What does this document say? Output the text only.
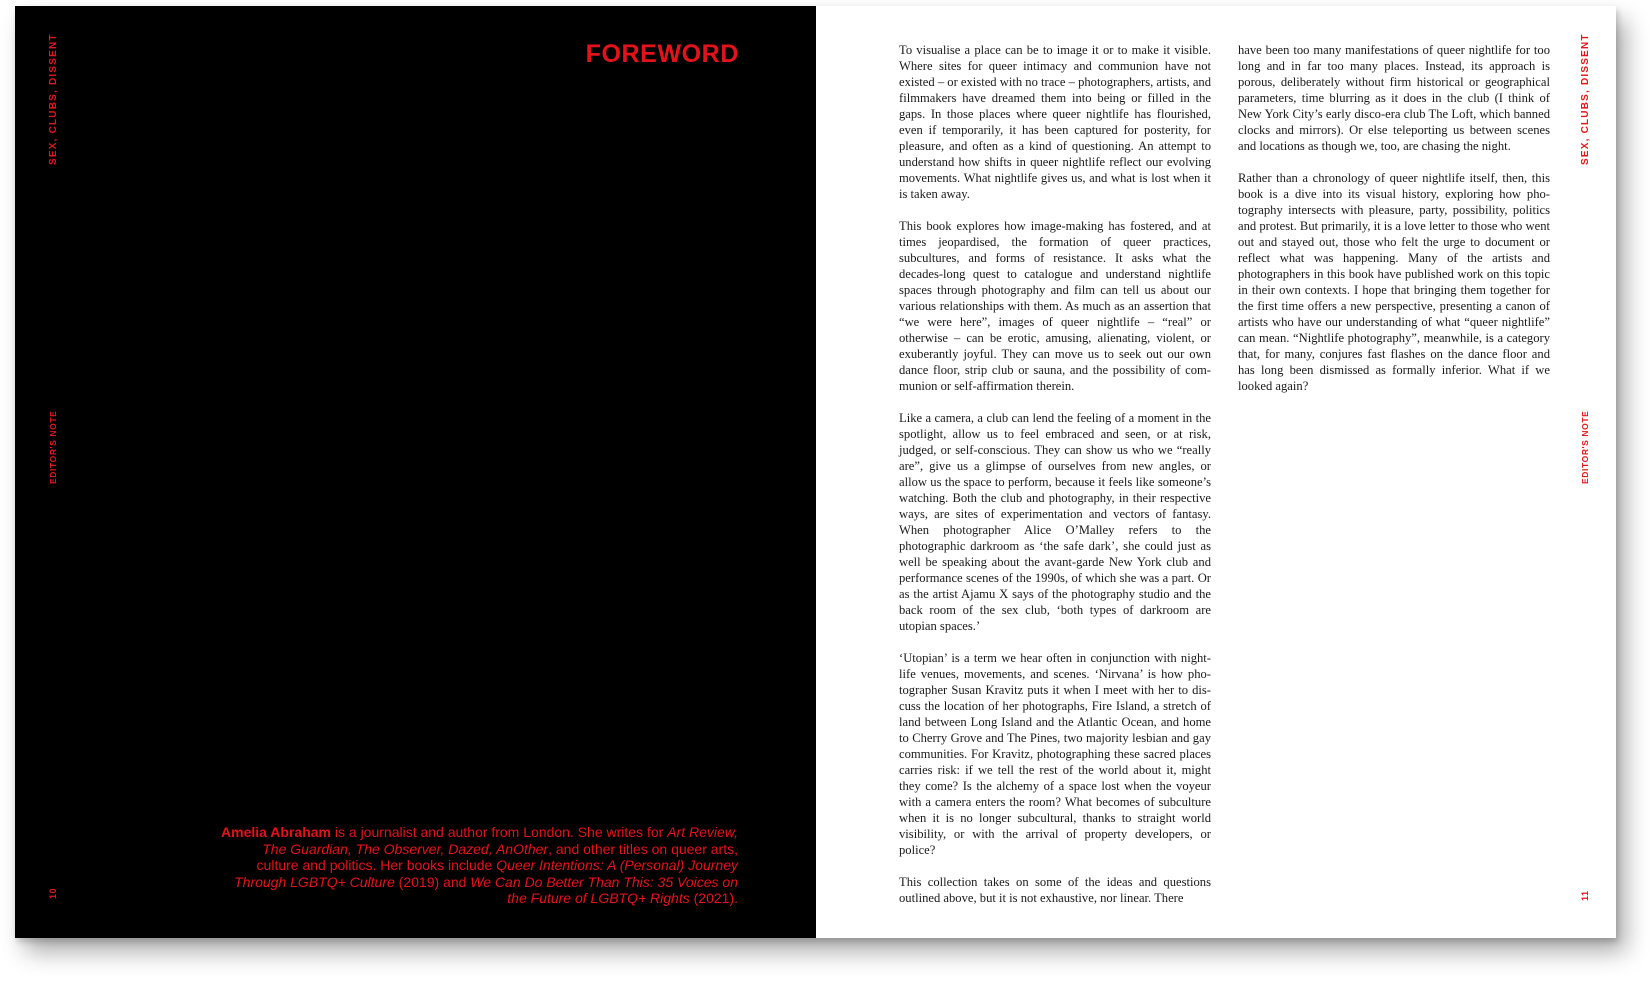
SEX, CLUBS, DISSENT
EDITOR'S NOTE
10
FOREWORD

Amelia Abraham is a journalist and author from London. She writes for Art Review, The Guardian, The Observer, Dazed, AnOther, and other titles on queer arts, culture and politics. Her books include Queer Intentions: A (Personal) Journey Through LGBTQ+ Culture (2019) and We Can Do Better Than This: 35 Voices on the Future of LGBTQ+ Rights (2021).

To visualise a place can be to image it or to make it visible. Where sites for queer intimacy and communion have not existed – or existed with no trace – photographers, artists, and filmmakers have dreamed them into being or filled in the gaps. In those places where queer nightlife has flourished, even if temporarily, it has been captured for posterity, for pleasure, and often as a kind of questioning. An attempt to understand how shifts in queer nightlife reflect our evolving movements. What nightlife gives us, and what is lost when it is taken away.

This book explores how image-making has fostered, and at times jeopardised, the formation of queer practices, subcultures, and forms of resistance. It asks what the decades-long quest to catalogue and understand nightlife spaces through photography and film can tell us about our various relationships with them. As much as an assertion that “we were here”, images of queer nightlife – “real” or otherwise – can be erotic, amusing, alienating, violent, or exuberantly joyful. They can move us to seek out our own dance floor, strip club or sauna, and the possibility of communion or self-affirmation therein.

Like a camera, a club can lend the feeling of a moment in the spotlight, allow us to feel embraced and seen, or at risk, judged, or self-conscious. They can show us who we “really are”, give us a glimpse of ourselves from new angles, or allow us the space to perform, because it feels like someone’s watching. Both the club and photography, in their respective ways, are sites of experimentation and vectors of fantasy. When photographer Alice O’Malley refers to the photographic darkroom as ‘the safe dark’, she could just as well be speaking about the avant-garde New York club and performance scenes of the 1990s, of which she was a part. Or as the artist Ajamu X says of the photography studio and the back room of the sex club, ‘both types of darkroom are utopian spaces.’

‘Utopian’ is a term we hear often in conjunction with nightlife venues, movements, and scenes. ‘Nirvana’ is how photographer Susan Kravitz puts it when I meet with her to discuss the location of her photographs, Fire Island, a stretch of land between Long Island and the Atlantic Ocean, and home to Cherry Grove and The Pines, two majority lesbian and gay communities. For Kravitz, photographing these sacred places carries risk: if we tell the rest of the world about it, might they come? Is the alchemy of a space lost when the voyeur with a camera enters the room? What becomes of subculture when it is no longer subcultural, thanks to straight world visibility, or with the arrival of property developers, or police?

This collection takes on some of the ideas and questions outlined above, but it is not exhaustive, nor linear. There

have been too many manifestations of queer nightlife for too long and in far too many places. Instead, its approach is porous, deliberately without firm historical or geographical parameters, time blurring as it does in the club (I think of New York City’s early disco-era club The Loft, which banned clocks and mirrors). Or else teleporting us between scenes and locations as though we, too, are chasing the night.

Rather than a chronology of queer nightlife itself, then, this book is a dive into its visual history, exploring how photography intersects with pleasure, party, possibility, politics and protest. But primarily, it is a love letter to those who went out and stayed out, those who felt the urge to document or reflect what was happening. Many of the artists and photographers in this book have published work on this topic in their own contexts. I hope that bringing them together for the first time offers a new perspective, presenting a canon of artists who have our understanding of what “queer nightlife” can mean. “Nightlife photography”, meanwhile, is a category that, for many, conjures fast flashes on the dance floor and has long been dismissed as formally inferior. What if we looked again?

SEX, CLUBS, DISSENT
EDITOR'S NOTE
11
